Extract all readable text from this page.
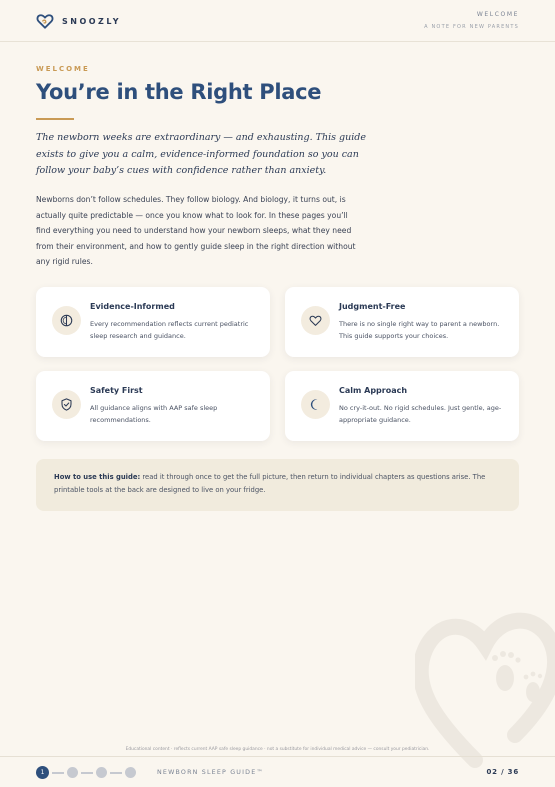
SNOOZLY
WELCOME
A NOTE FOR NEW PARENTS
WELCOME
You’re in the Right Place

The newborn weeks are extraordinary — and exhausting. This guide exists to give you a calm, evidence-informed foundation so you can follow your baby’s cues with confidence rather than anxiety.

Newborns don’t follow schedules. They follow biology. And biology, it turns out, is actually quite predictable — once you know what to look for. In these pages you’ll find everything you need to understand how your newborn sleeps, what they need from their environment, and how to gently guide sleep in the right direction without any rigid rules.

Evidence-Informed
Every recommendation reflects current pediatric sleep research and guidance.
Judgment-Free
There is no single right way to parent a newborn. This guide supports your choices.
Safety First
All guidance aligns with AAP safe sleep recommendations.
Calm Approach
No cry-it-out. No rigid schedules. Just gentle, age-appropriate guidance.
How to use this guide: read it through once to get the full picture, then return to individual chapters as questions arise. The printable tools at the back are designed to live on your fridge.
Educational content · reflects current AAP safe sleep guidance · not a substitute for individual medical advice — consult your pediatrician.
1	NEWBORN SLEEP GUIDE™	02 / 36
